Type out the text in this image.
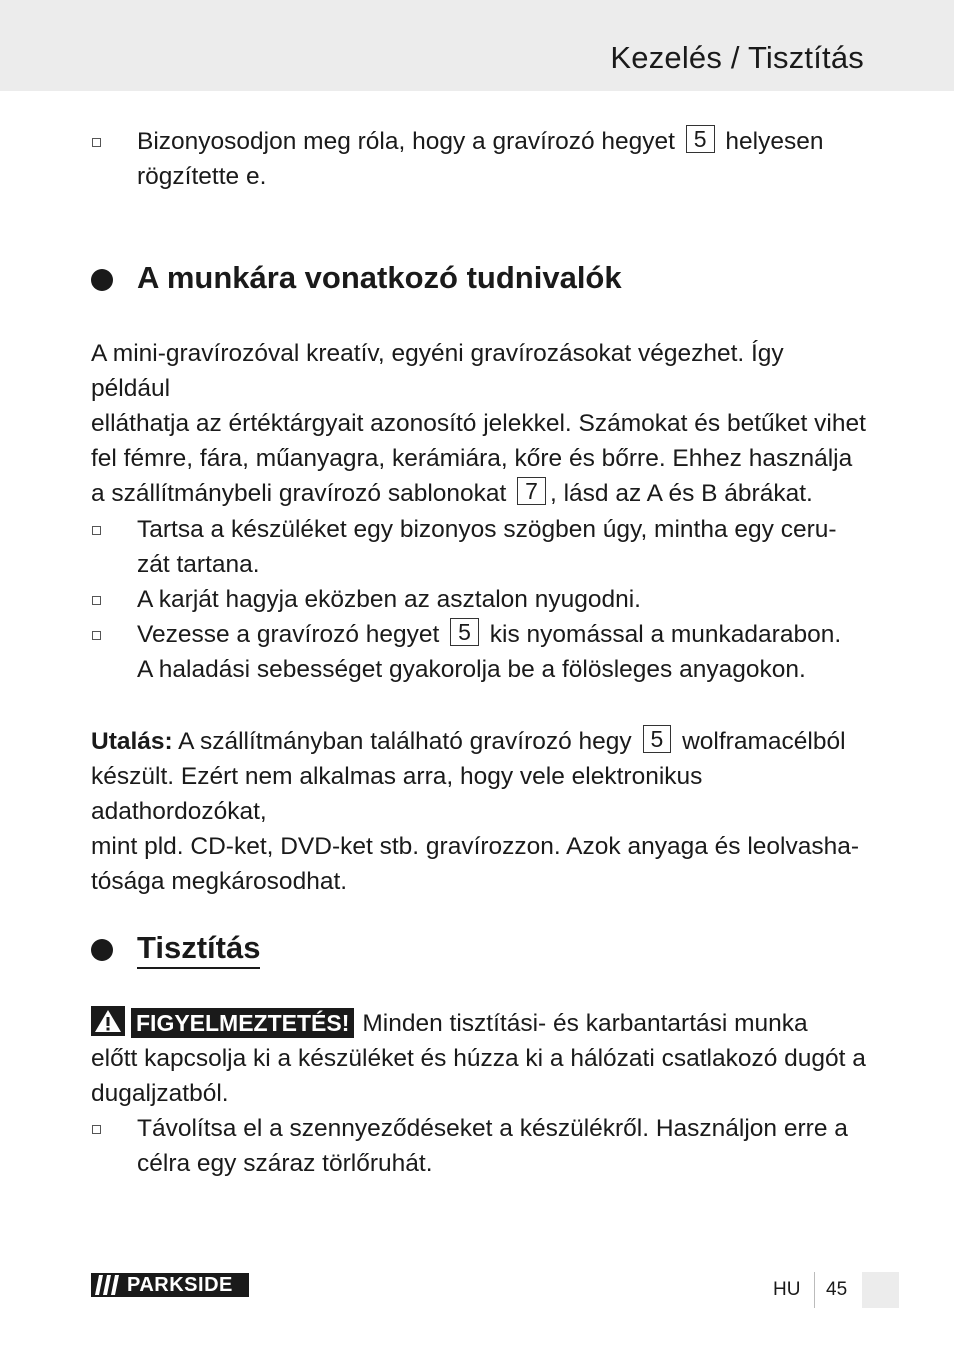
Kezelés / Tisztítás
Bizonyosodjon meg róla, hogy a gravírozó hegyet 5 helyesen
rögzítette e.
A munkára vonatkozó tudnivalók
A mini-gravírozóval kreatív, egyéni gravírozásokat végezhet. Így például
elláthatja az értéktárgyait azonosító jelekkel. Számokat és betűket vihet
fel fémre, fára, műanyagra, kerámiára, kőre és bőrre. Ehhez használja
a szállítmánybeli gravírozó sablonokat 7 , lásd az A és B ábrákat.
Tartsa a készüléket egy bizonyos szögben úgy, mintha egy ceru-
zát tartana.
A karját hagyja eközben az asztalon nyugodni.
Vezesse a gravírozó hegyet 5 kis nyomással a munkadarabon.
A haladási sebességet gyakorolja be a fölösleges anyagokon.
Utalás: A szállítmányban található gravírozó hegy 5 wolframacélból
készült. Ezért nem alkalmas arra, hogy vele elektronikus adathordozókat,
mint pld. CD-ket, DVD-ket stb. gravírozzon. Azok anyaga és leolvasha-
tósága megkárosodhat.
Tisztítás
FIGYELMEZTETÉS! Minden tisztítási- és karbantartási munka
előtt kapcsolja ki a készüléket és húzza ki a hálózati csatlakozó dugót a
dugaljzatból.
Távolítsa el a szennyeződéseket a készülékről. Használjon erre a
célra egy száraz törlőruhát.
PARKSIDE	HU 45
